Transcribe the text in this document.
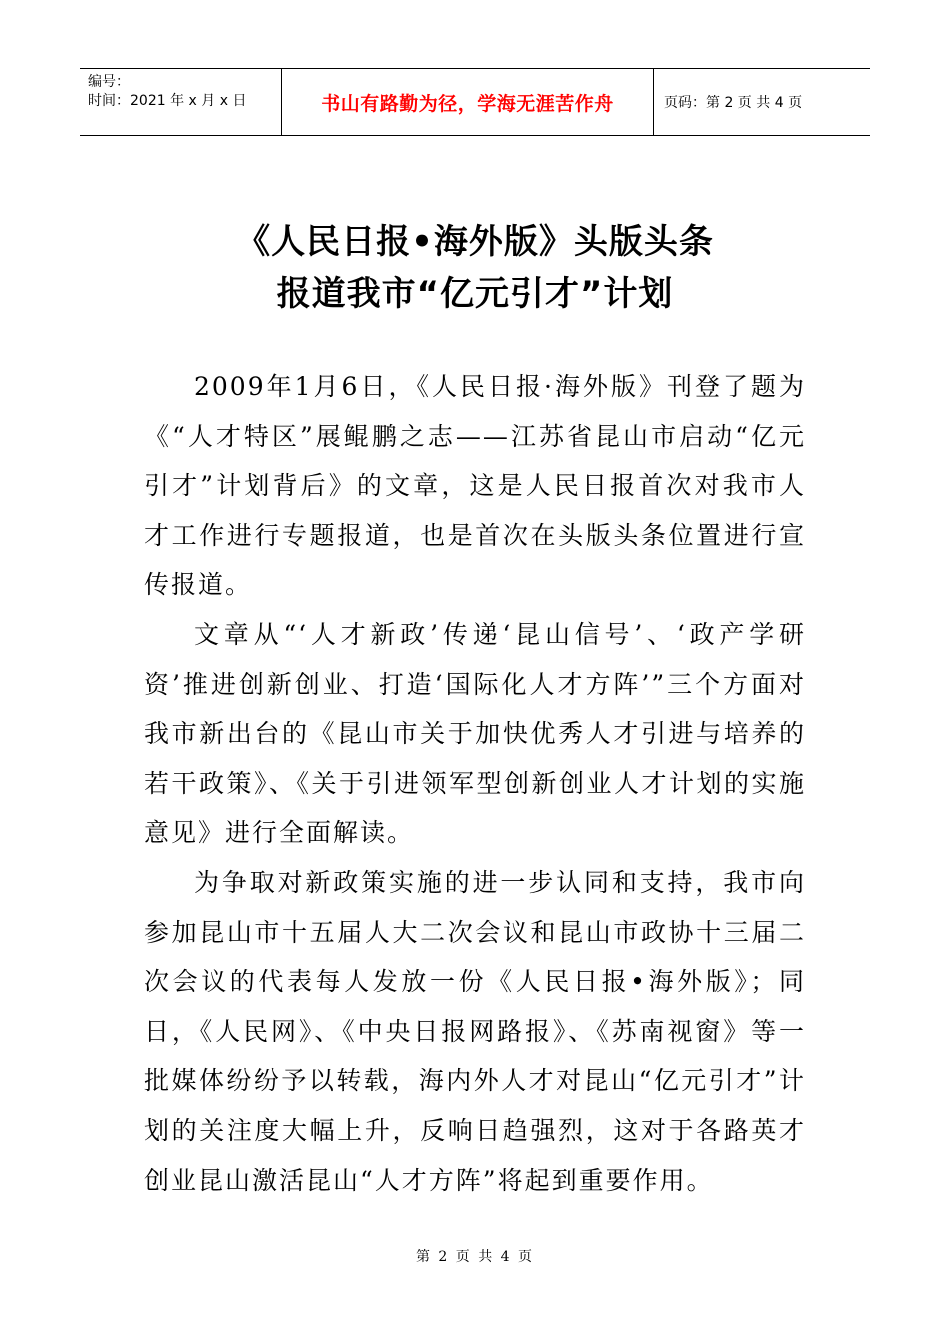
编号：
时间：2021 年 x 月 x 日	书山有路勤为径，学海无涯苦作舟	页码：第 2 页 共 4 页
《人民日报•海外版》头版头条
报道我市“亿元引才”计划

2009年1月6日，《人民日报·海外版》刊登了题为《“人才特区”展鲲鹏之志——江苏省昆山市启动“亿元引才”计划背后》的文章，这是人民日报首次对我市人才工作进行专题报道，也是首次在头版头条位置进行宣传报道。

文章从“‘人才新政’传递‘昆山信号’、‘政产学研资’推进创新创业、打造‘国际化人才方阵’”三个方面对我市新出台的《昆山市关于加快优秀人才引进与培养的若干政策》、《关于引进领军型创新创业人才计划的实施意见》进行全面解读。

为争取对新政策实施的进一步认同和支持，我市向参加昆山市十五届人大二次会议和昆山市政协十三届二次会议的代表每人发放一份《人民日报•海外版》；同日，《人民网》、《中央日报网路报》、《苏南视窗》等一批媒体纷纷予以转载，海内外人才对昆山“亿元引才”计划的关注度大幅上升，反响日趋强烈，这对于各路英才创业昆山激活昆山“人才方阵”将起到重要作用。

第 2 页 共 4 页
